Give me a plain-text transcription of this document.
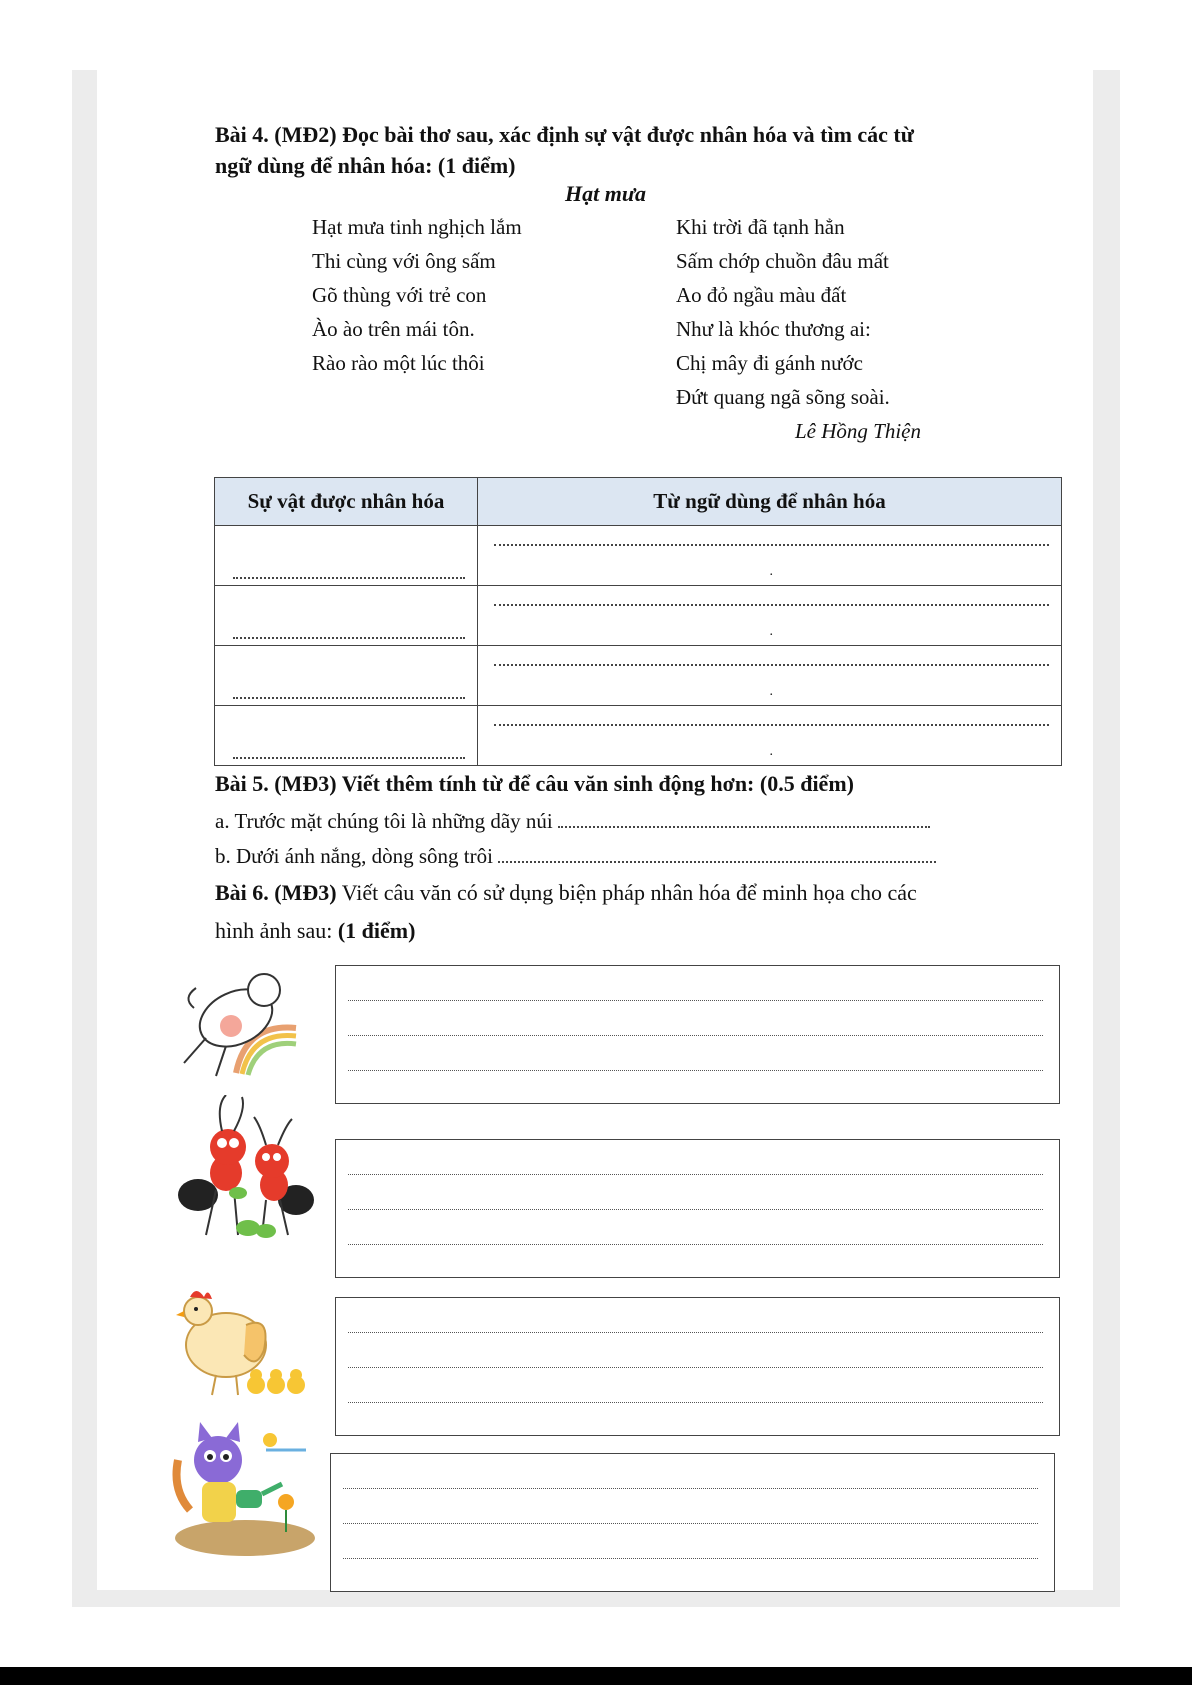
Bài 4. (MĐ2) Đọc bài thơ sau, xác định sự vật được nhân hóa và tìm các từ
ngữ dùng để nhân hóa: (1 điểm)
Hạt mưa
Hạt mưa tinh nghịch lắm
Thi cùng với ông sấm
Gõ thùng với trẻ con
Ào ào trên mái tôn.
Rào rào một lúc thôi
Khi trời đã tạnh hẳn
Sấm chớp chuồn đâu mất
Ao đỏ ngầu màu đất
Như là khóc thương ai:
Chị mây đi gánh nước
Đứt quang ngã sõng soài.
Lê Hồng Thiện
Sự vật được nhân hóa	Từ ngữ dùng để nhân hóa

	.

	.

	.

	.
Bài 5. (MĐ3) Viết thêm tính từ để câu văn sinh động hơn: (0.5 điểm)
a. Trước mặt chúng tôi là những dãy núi
b. Dưới ánh nắng, dòng sông trôi
Bài 6. (MĐ3) Viết câu văn có sử dụng biện pháp nhân hóa để minh họa cho các
hình ảnh sau: (1 điểm)
